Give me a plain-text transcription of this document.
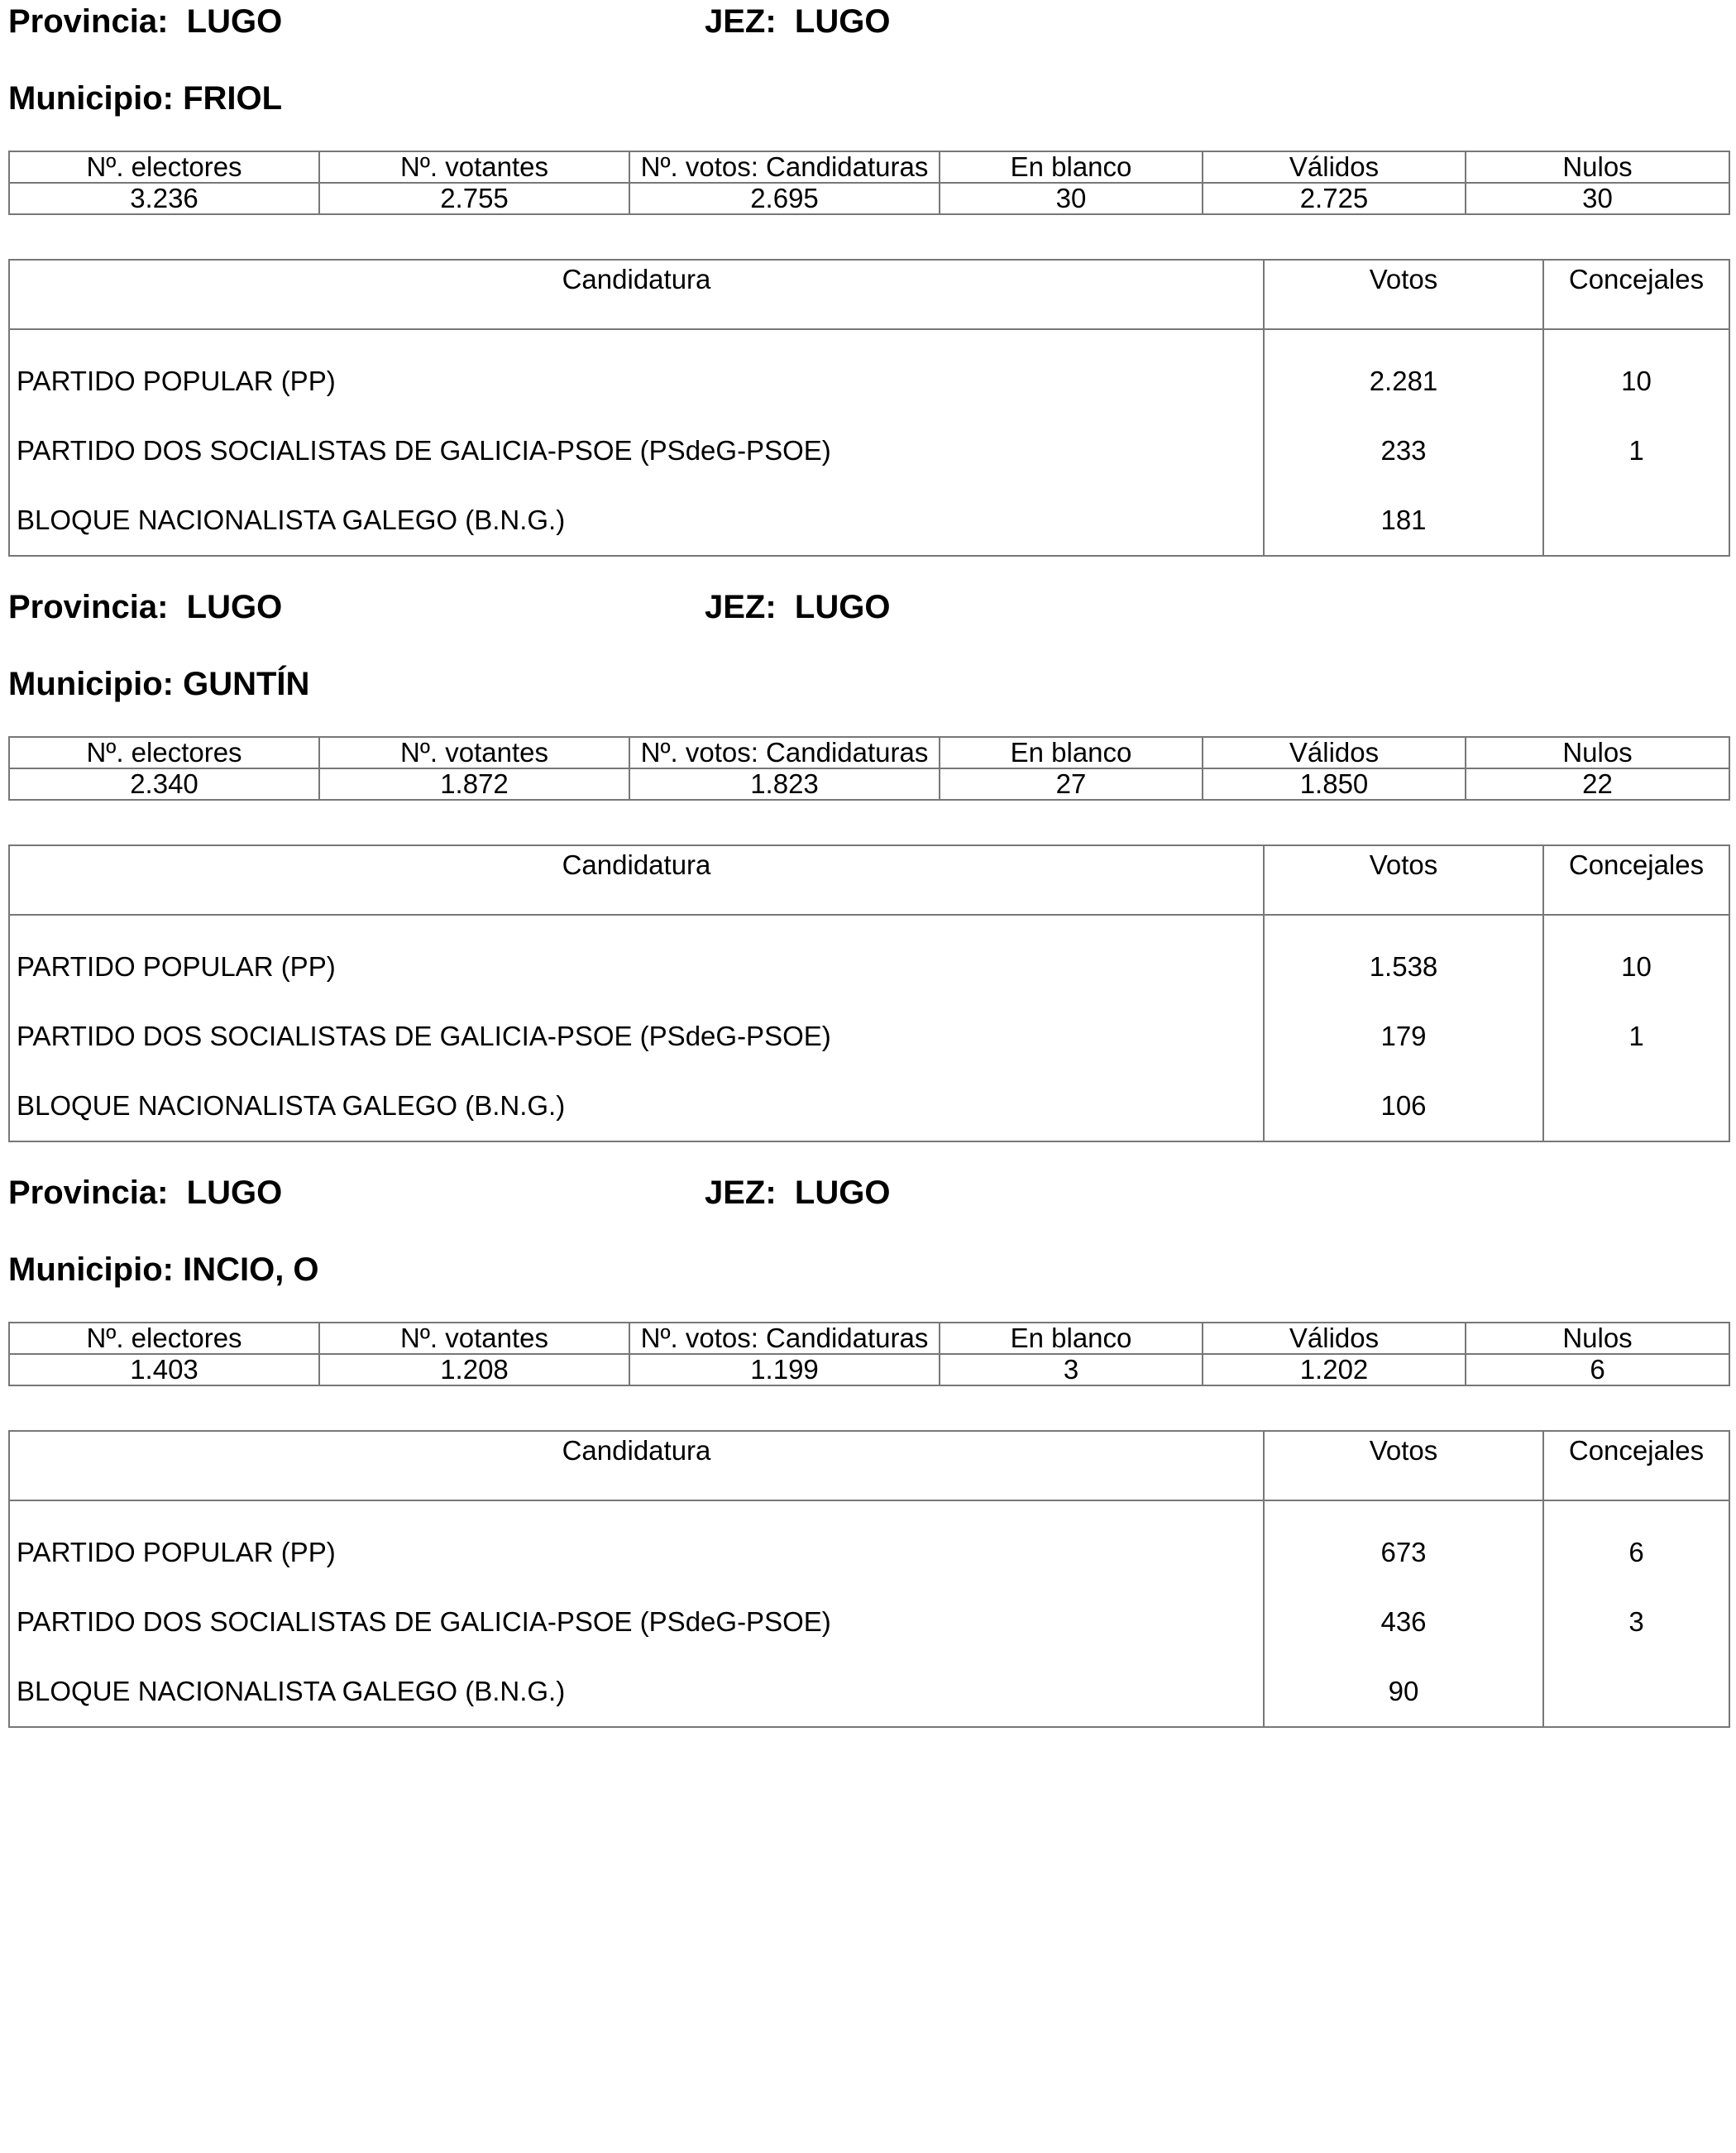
Provincia: LUGO	JEZ: LUGO
Municipio: FRIOL
Nº. electores	Nº. votantes	Nº. votos: Candidaturas	En blanco	Válidos	Nulos
3.236	2.755	2.695	30	2.725	30
Candidatura	Votos	Concejales
PARTIDO POPULAR (PP)	2.281	10
PARTIDO DOS SOCIALISTAS DE GALICIA-PSOE (PSdeG-PSOE)	233	1
BLOQUE NACIONALISTA GALEGO (B.N.G.)	181	
Provincia: LUGO	JEZ: LUGO
Municipio: GUNTÍN
Nº. electores	Nº. votantes	Nº. votos: Candidaturas	En blanco	Válidos	Nulos
2.340	1.872	1.823	27	1.850	22
Candidatura	Votos	Concejales
PARTIDO POPULAR (PP)	1.538	10
PARTIDO DOS SOCIALISTAS DE GALICIA-PSOE (PSdeG-PSOE)	179	1
BLOQUE NACIONALISTA GALEGO (B.N.G.)	106	
Provincia: LUGO	JEZ: LUGO
Municipio: INCIO, O
Nº. electores	Nº. votantes	Nº. votos: Candidaturas	En blanco	Válidos	Nulos
1.403	1.208	1.199	3	1.202	6
Candidatura	Votos	Concejales
PARTIDO POPULAR (PP)	673	6
PARTIDO DOS SOCIALISTAS DE GALICIA-PSOE (PSdeG-PSOE)	436	3
BLOQUE NACIONALISTA GALEGO (B.N.G.)	90	
